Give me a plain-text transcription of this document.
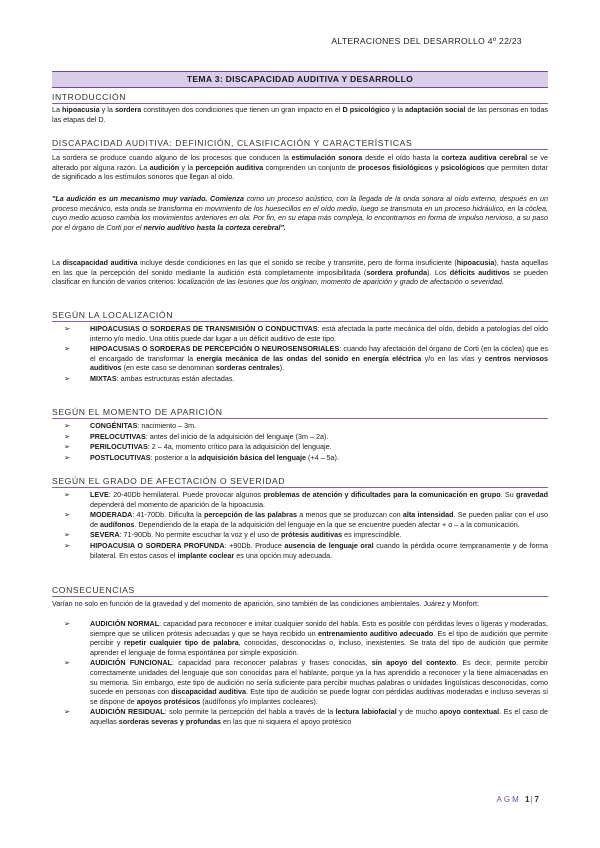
ALTERACIONES DEL DESARROLLO 4º 22/23
TEMA 3: DISCAPACIDAD AUDITIVA Y DESARROLLO
INTRODUCCIÓN
La hipoacusia y la sordera constituyen dos condiciones que tienen un gran impacto en el D psicológico y la adaptación social de las personas en todas las etapas del D.
DISCAPACIDAD AUDITIVA: DEFINICIÓN, CLASIFICACIÓN Y CARACTERÍSTICAS
La sordera se produce cuando alguno de los procesos que conducen la estimulación sonora desde el oído hasta la corteza auditiva cerebral se ve alterado por alguna razón. La audición y la percepción auditiva comprenden un conjunto de procesos fisiológicos y psicológicos que permiten dotar de significado a los estímulos sonoros que llegan al oído.
"La audición es un mecanismo muy variado. Comienza como un proceso acústico, con la llegada de la onda sonora al oído externo, después en un proceso mecánico, esta onda se transforma en movimiento de los huesecillos en el oído medio, luego se transmuta en un proceso hidráulico, en la cóclea, cuyo medio acuoso cambia los movimientos anteriores en ola. Por fin, en su etapa más compleja, lo encontramos en forma de impulso nervioso, a su paso por el órgano de Corti por el nervio auditivo hasta la corteza cerebral".
La discapacidad auditiva incluye desde condiciones en las que el sonido se recibe y transmite, pero de forma insuficiente (hipoacusia), hasta aquellas en las que la percepción del sonido mediante la audición está completamente imposibilitada (sordera profunda). Los déficits auditivos se pueden clasificar en función de varios criterios: localización de las lesiones que los originan, momento de aparición y grado de afectación o severidad.
SEGÚN LA LOCALIZACIÓN
➢	HIPOACUSIAS O SORDERAS DE TRANSMISIÓN O CONDUCTIVAS: está afectada la parte mecánica del oído, debido a patologías del oído interno y/o medio. Una otitis puede dar lugar a un déficit auditivo de este tipo.
➢	HIPOACUSIAS O SORDERAS DE PERCEPCIÓN O NEUROSENSORIALES: cuando hay afectación del órgano de Corti (en la cóclea) que es el encargado de transformar la energía mecánica de las ondas del sonido en energía eléctrica y/o en las vías y centros nerviosos auditivos (en este caso se denominan sorderas centrales).
➢	MIXTAS: ambas estructuras están afectadas.
SEGÚN EL MOMENTO DE APARICIÓN
➢	CONGÉNITAS: nacimiento – 3m.
➢	PRELOCUTIVAS: antes del inicio de la adquisición del lenguaje (3m – 2a).
➢	PERILOCUTIVAS: 2 – 4a, momento crítico para la adquisición del lenguaje.
➢	POSTLOCUTIVAS: posterior a la adquisición básica del lenguaje (+4 – 5a).
SEGÚN EL GRADO DE AFECTACIÓN O SEVERIDAD
➢	LEVE: 20-40Db hemilateral. Puede provocar algunos problemas de atención y dificultades para la comunicación en grupo. Su gravedad dependerá del momento de aparición de la hipoacusia.
➢	MODERADA: 41-70Db. Dificulta la percepción de las palabras a menos que se produzcan con alta intensidad. Se pueden paliar con el uso de audífonos. Dependiendo de la etapa de la adquisición del lenguaje en la que se encuentre pueden afectar + o – a la comunicación.
➢	SEVERA: 71-90Db. No permite escuchar la voz y el uso de prótesis auditivas es imprescindible.
➢	HIPOACUSIA O SORDERA PROFUNDA: +90Db. Produce ausencia de lenguaje oral cuando la pérdida ocurre tempranamente y de forma bilateral. En estos casos el implante coclear es una opción muy adecuada.
CONSECUENCIAS
Varían no solo en función de la gravedad y del momento de aparición, sino también de las condiciones ambientales. Juárez y Monfort:
➢	AUDICIÓN NORMAL: capacidad para reconocer e imitar cualquier sonido del habla. Esto es posible con pérdidas leves o ligeras y moderadas, siempre que se utilicen prótesis adecuadas y que se haya recibido un entrenamiento auditivo adecuado. Es el tipo de audición que permite percibir y repetir cualquier tipo de palabra, conocidas, desconocidas o, incluso, inexistentes. Se trata del tipo de audición que permite aprender el lenguaje de forma espontánea por simple exposición.
➢	AUDICIÓN FUNCIONAL: capacidad para reconocer palabras y frases conocidas, sin apoyo del contexto. Es decir, permite percibir correctamente unidades del lenguaje que son conocidas para el hablante, porque ya la has aprendido a reconocer y la tiene almacenadas en su memoria. Sin embargo, este tipo de audición no sería suficiente para percibir muchas palabras o unidades lingüísticas desconocidas, como sucede en personas con discapacidad auditiva. Este tipo de audición se puede lograr con pérdidas auditivas moderadas e incluso severas si se dispone de apoyos protésicos (audífonos y/o implantes cocleares).
➢	AUDICIÓN RESIDUAL: solo permite la percepción del habla a través de la lectura labiofacial y de mucho apoyo contextual. Es el caso de aquellas sorderas severas y profundas en las que ni siquiera el apoyo protésico
AGM 1|7
